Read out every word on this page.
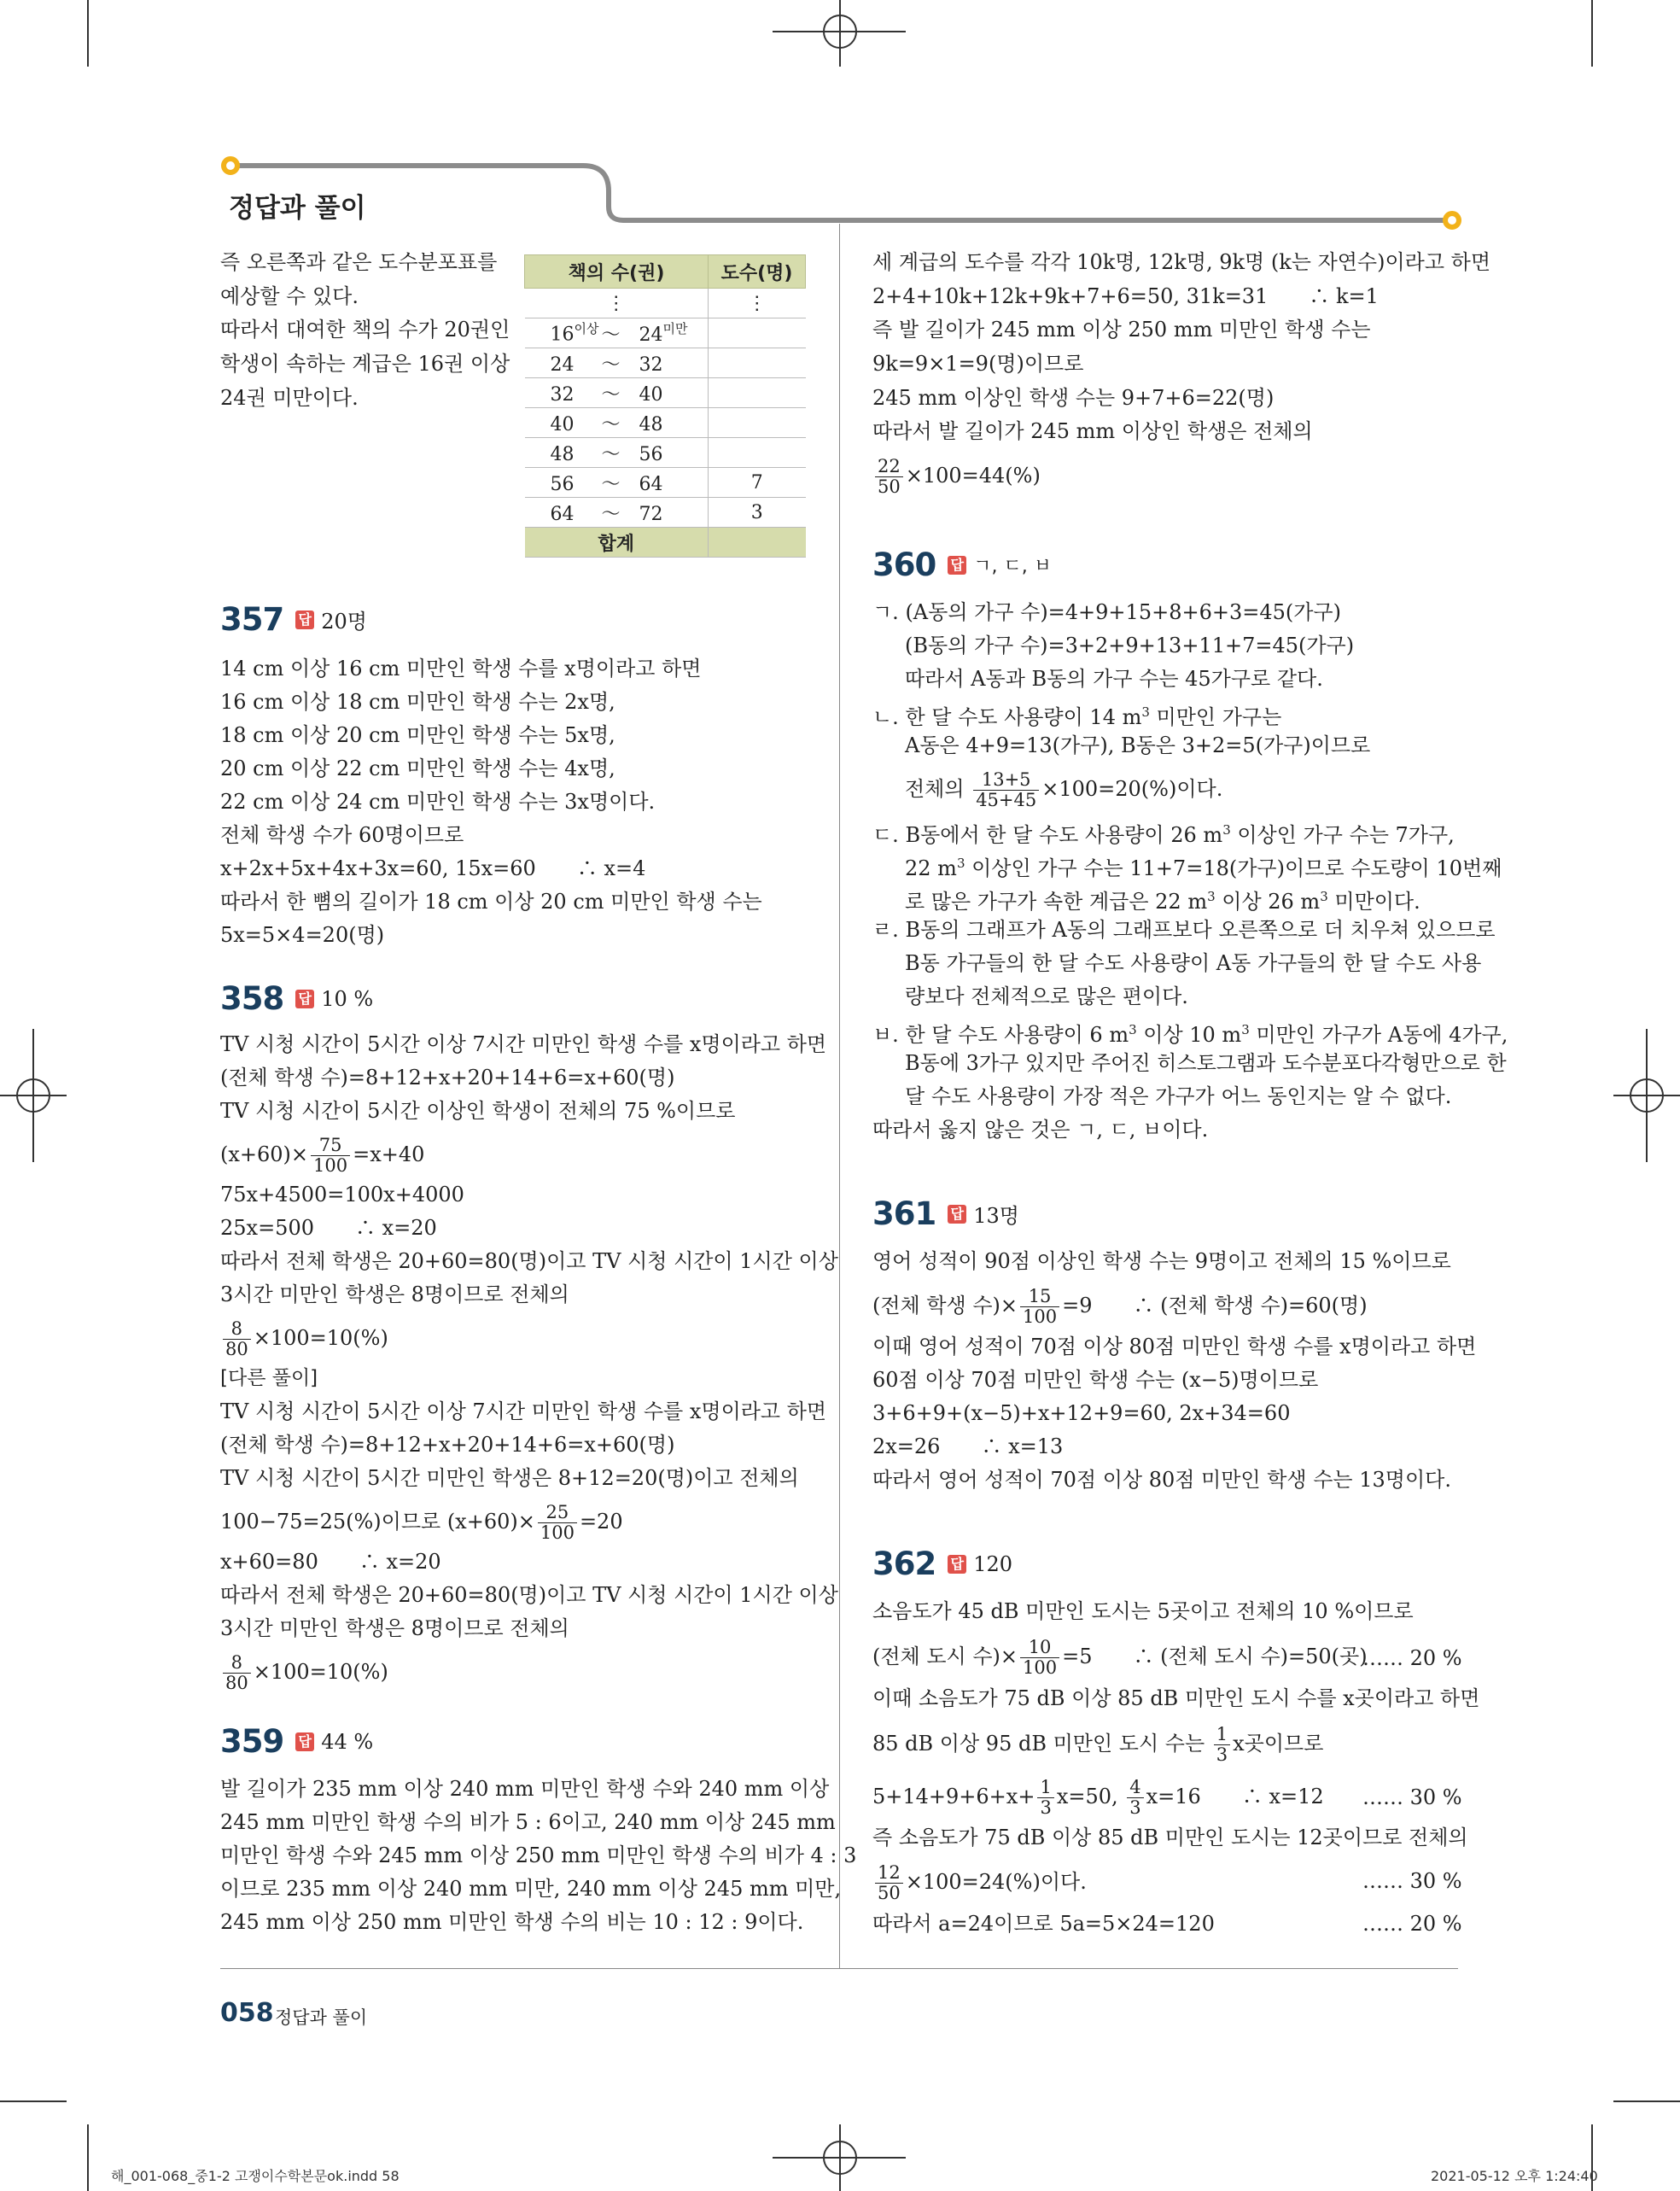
정답과 풀이
즉 오른쪽과 같은 도수분포표를
예상할 수 있다.
따라서 대여한 책의 수가 20권인
학생이 속하는 계급은 16권 이상
24권 미만이다.
책의 수(권)	도수(명)
⋮	⋮
$16^{이상}$ ～ $24^{미만}$	
24 ～ 32	
32 ～ 40	
40 ～ 48	
48 ～ 56	
56 ～ 64	7
64 ～ 72	3
합계	
357 답 20명
14 cm 이상 16 cm 미만인 학생 수를 x명이라고 하면
16 cm 이상 18 cm 미만인 학생 수는 2x명,
18 cm 이상 20 cm 미만인 학생 수는 5x명,
20 cm 이상 22 cm 미만인 학생 수는 4x명,
22 cm 이상 24 cm 미만인 학생 수는 3x명이다.
전체 학생 수가 60명이므로
x+2x+5x+4x+3x=60, 15x=60　　∴ x=4
따라서 한 뼘의 길이가 18 cm 이상 20 cm 미만인 학생 수는
5x=5×4=20(명)
358 답 10 %
TV 시청 시간이 5시간 이상 7시간 미만인 학생 수를 x명이라고 하면
(전체 학생 수)=8+12+x+20+14+6=x+60(명)
TV 시청 시간이 5시간 이상인 학생이 전체의 75 %이므로
$(x+60)\times \frac{75}{100} =x+40$
75x+4500=100x+4000
25x=500　　∴ x=20
따라서 전체 학생은 20+60=80(명)이고 TV 시청 시간이 1시간 이상
3시간 미만인 학생은 8명이므로 전체의
$\frac{8}{80} \times 100=10(\%)$
[다른 풀이]
TV 시청 시간이 5시간 이상 7시간 미만인 학생 수를 x명이라고 하면
(전체 학생 수)=8+12+x+20+14+6=x+60(명)
TV 시청 시간이 5시간 미만인 학생은 8+12=20(명)이고 전체의
100−75=25(%)이므로 $(x+60)\times \frac{25}{100} =20$
x+60=80　　∴ x=20
따라서 전체 학생은 20+60=80(명)이고 TV 시청 시간이 1시간 이상
3시간 미만인 학생은 8명이므로 전체의
$\frac{8}{80} \times 100=10(\%)$
359 답 44 %
발 길이가 235 mm 이상 240 mm 미만인 학생 수와 240 mm 이상
245 mm 미만인 학생 수의 비가 5 : 6이고, 240 mm 이상 245 mm
미만인 학생 수와 245 mm 이상 250 mm 미만인 학생 수의 비가 4 : 3
이므로 235 mm 이상 240 mm 미만, 240 mm 이상 245 mm 미만,
245 mm 이상 250 mm 미만인 학생 수의 비는 10 : 12 : 9이다.
세 계급의 도수를 각각 10k명, 12k명, 9k명 (k는 자연수)이라고 하면
2+4+10k+12k+9k+7+6=50, 31k=31　　∴ k=1
즉 발 길이가 245 mm 이상 250 mm 미만인 학생 수는
9k=9×1=9(명)이므로
245 mm 이상인 학생 수는 9+7+6=22(명)
따라서 발 길이가 245 mm 이상인 학생은 전체의
$\frac{22}{50} \times 100=44(\%)$
360 답 ㄱ, ㄷ, ㅂ
ㄱ. (A동의 가구 수)=4+9+15+8+6+3=45(가구)
(B동의 가구 수)=3+2+9+13+11+7=45(가구)
따라서 A동과 B동의 가구 수는 45가구로 같다.
ㄴ. 한 달 수도 사용량이 14 $m^3$ 미만인 가구는
A동은 4+9=13(가구), B동은 3+2=5(가구)이므로
전체의 $\frac{13+5}{45+45} \times 100=20(\%)$이다.
ㄷ. B동에서 한 달 수도 사용량이 26 $m^3$ 이상인 가구 수는 7가구,
22 $m^3$ 이상인 가구 수는 11+7=18(가구)이므로 수도량이 10번째
로 많은 가구가 속한 계급은 22 $m^3$ 이상 26 $m^3$ 미만이다.
ㄹ. B동의 그래프가 A동의 그래프보다 오른쪽으로 더 치우쳐 있으므로
B동 가구들의 한 달 수도 사용량이 A동 가구들의 한 달 수도 사용
량보다 전체적으로 많은 편이다.
ㅂ. 한 달 수도 사용량이 6 $m^3$ 이상 10 $m^3$ 미만인 가구가 A동에 4가구,
B동에 3가구 있지만 주어진 히스토그램과 도수분포다각형만으로 한
달 수도 사용량이 가장 적은 가구가 어느 동인지는 알 수 없다.
따라서 옳지 않은 것은 ㄱ, ㄷ, ㅂ이다.
361 답 13명
영어 성적이 90점 이상인 학생 수는 9명이고 전체의 15 %이므로
(전체 학생 수)× $\frac{15}{100} =9$　　∴ (전체 학생 수)=60(명)
이때 영어 성적이 70점 이상 80점 미만인 학생 수를 x명이라고 하면
60점 이상 70점 미만인 학생 수는 (x−5)명이므로
3+6+9+(x−5)+x+12+9=60, 2x+34=60
2x=26　　∴ x=13
따라서 영어 성적이 70점 이상 80점 미만인 학생 수는 13명이다.
362 답 120
소음도가 45 dB 미만인 도시는 5곳이고 전체의 10 %이므로
(전체 도시 수)× $\frac{10}{100} =5$　　∴ (전체 도시 수)=50(곳)
…… 20 %
이때 소음도가 75 dB 이상 85 dB 미만인 도시 수를 x곳이라고 하면
85 dB 이상 95 dB 미만인 도시 수는 $\frac{1}{3}$ x곳이므로
$5+14+9+6+x+ \frac{1}{3} x=50$, $\frac{4}{3} x=16$　　∴ x=12 …… 30 %
즉 소음도가 75 dB 이상 85 dB 미만인 도시는 12곳이므로 전체의
$\frac{12}{50} \times 100=24(\%)$이다.	…… 30 %
따라서 a=24이므로 5a=5×24=120	…… 20 %
058 정답과 풀이
해_001-068_중1-2 고쟁이수학본문ok.indd 58	2021-05-12 오후 1:24:40
